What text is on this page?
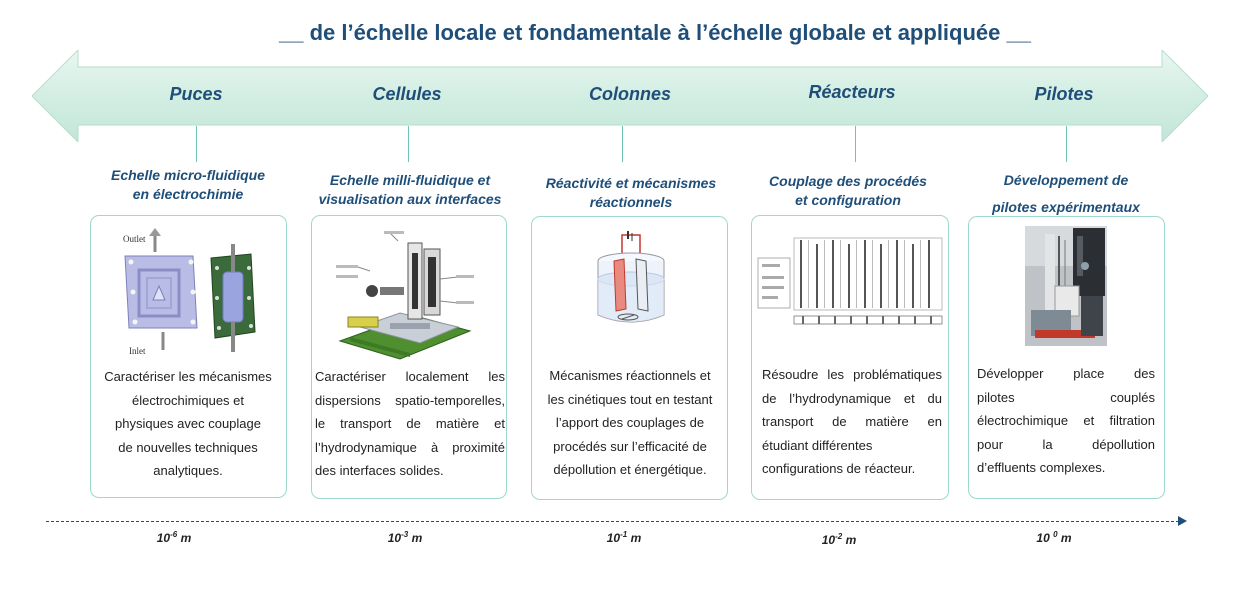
__ de l’échelle locale et fondamentale à l’échelle globale et appliquée __
Puces	Cellules	Colonnes	Réacteurs	Pilotes
Echelle micro-fluidique
en électrochimie
Echelle milli-fluidique et
visualisation aux interfaces
Réactivité et mécanismes
réactionnels
Couplage des procédés
et configuration
Développement de
pilotes expérimentaux
Outlet
Inlet
Caractériser les mécanismes
électrochimiques et
physiques avec couplage
de nouvelles techniques
analytiques.
Caractériser localement les
dispersions spatio-temporelles,
le transport de matière et
l’hydrodynamique à proximité
des interfaces solides.
Mécanismes réactionnels et
les cinétiques tout en testant
l’apport des couplages de
procédés sur l’efficacité de
dépollution et énergétique.
Résoudre les problématiques
de l’hydrodynamique et du
transport de matière en
étudiant différentes
configurations de réacteur.
Développer place des
pilotes couplés
électrochimique et filtration
pour la dépollution
d’effluents complexes.
$10^{-6}$ m	$10^{-3}$ m	$10^{-1}$ m	$10^{-2}$ m	10 $^0$ m
